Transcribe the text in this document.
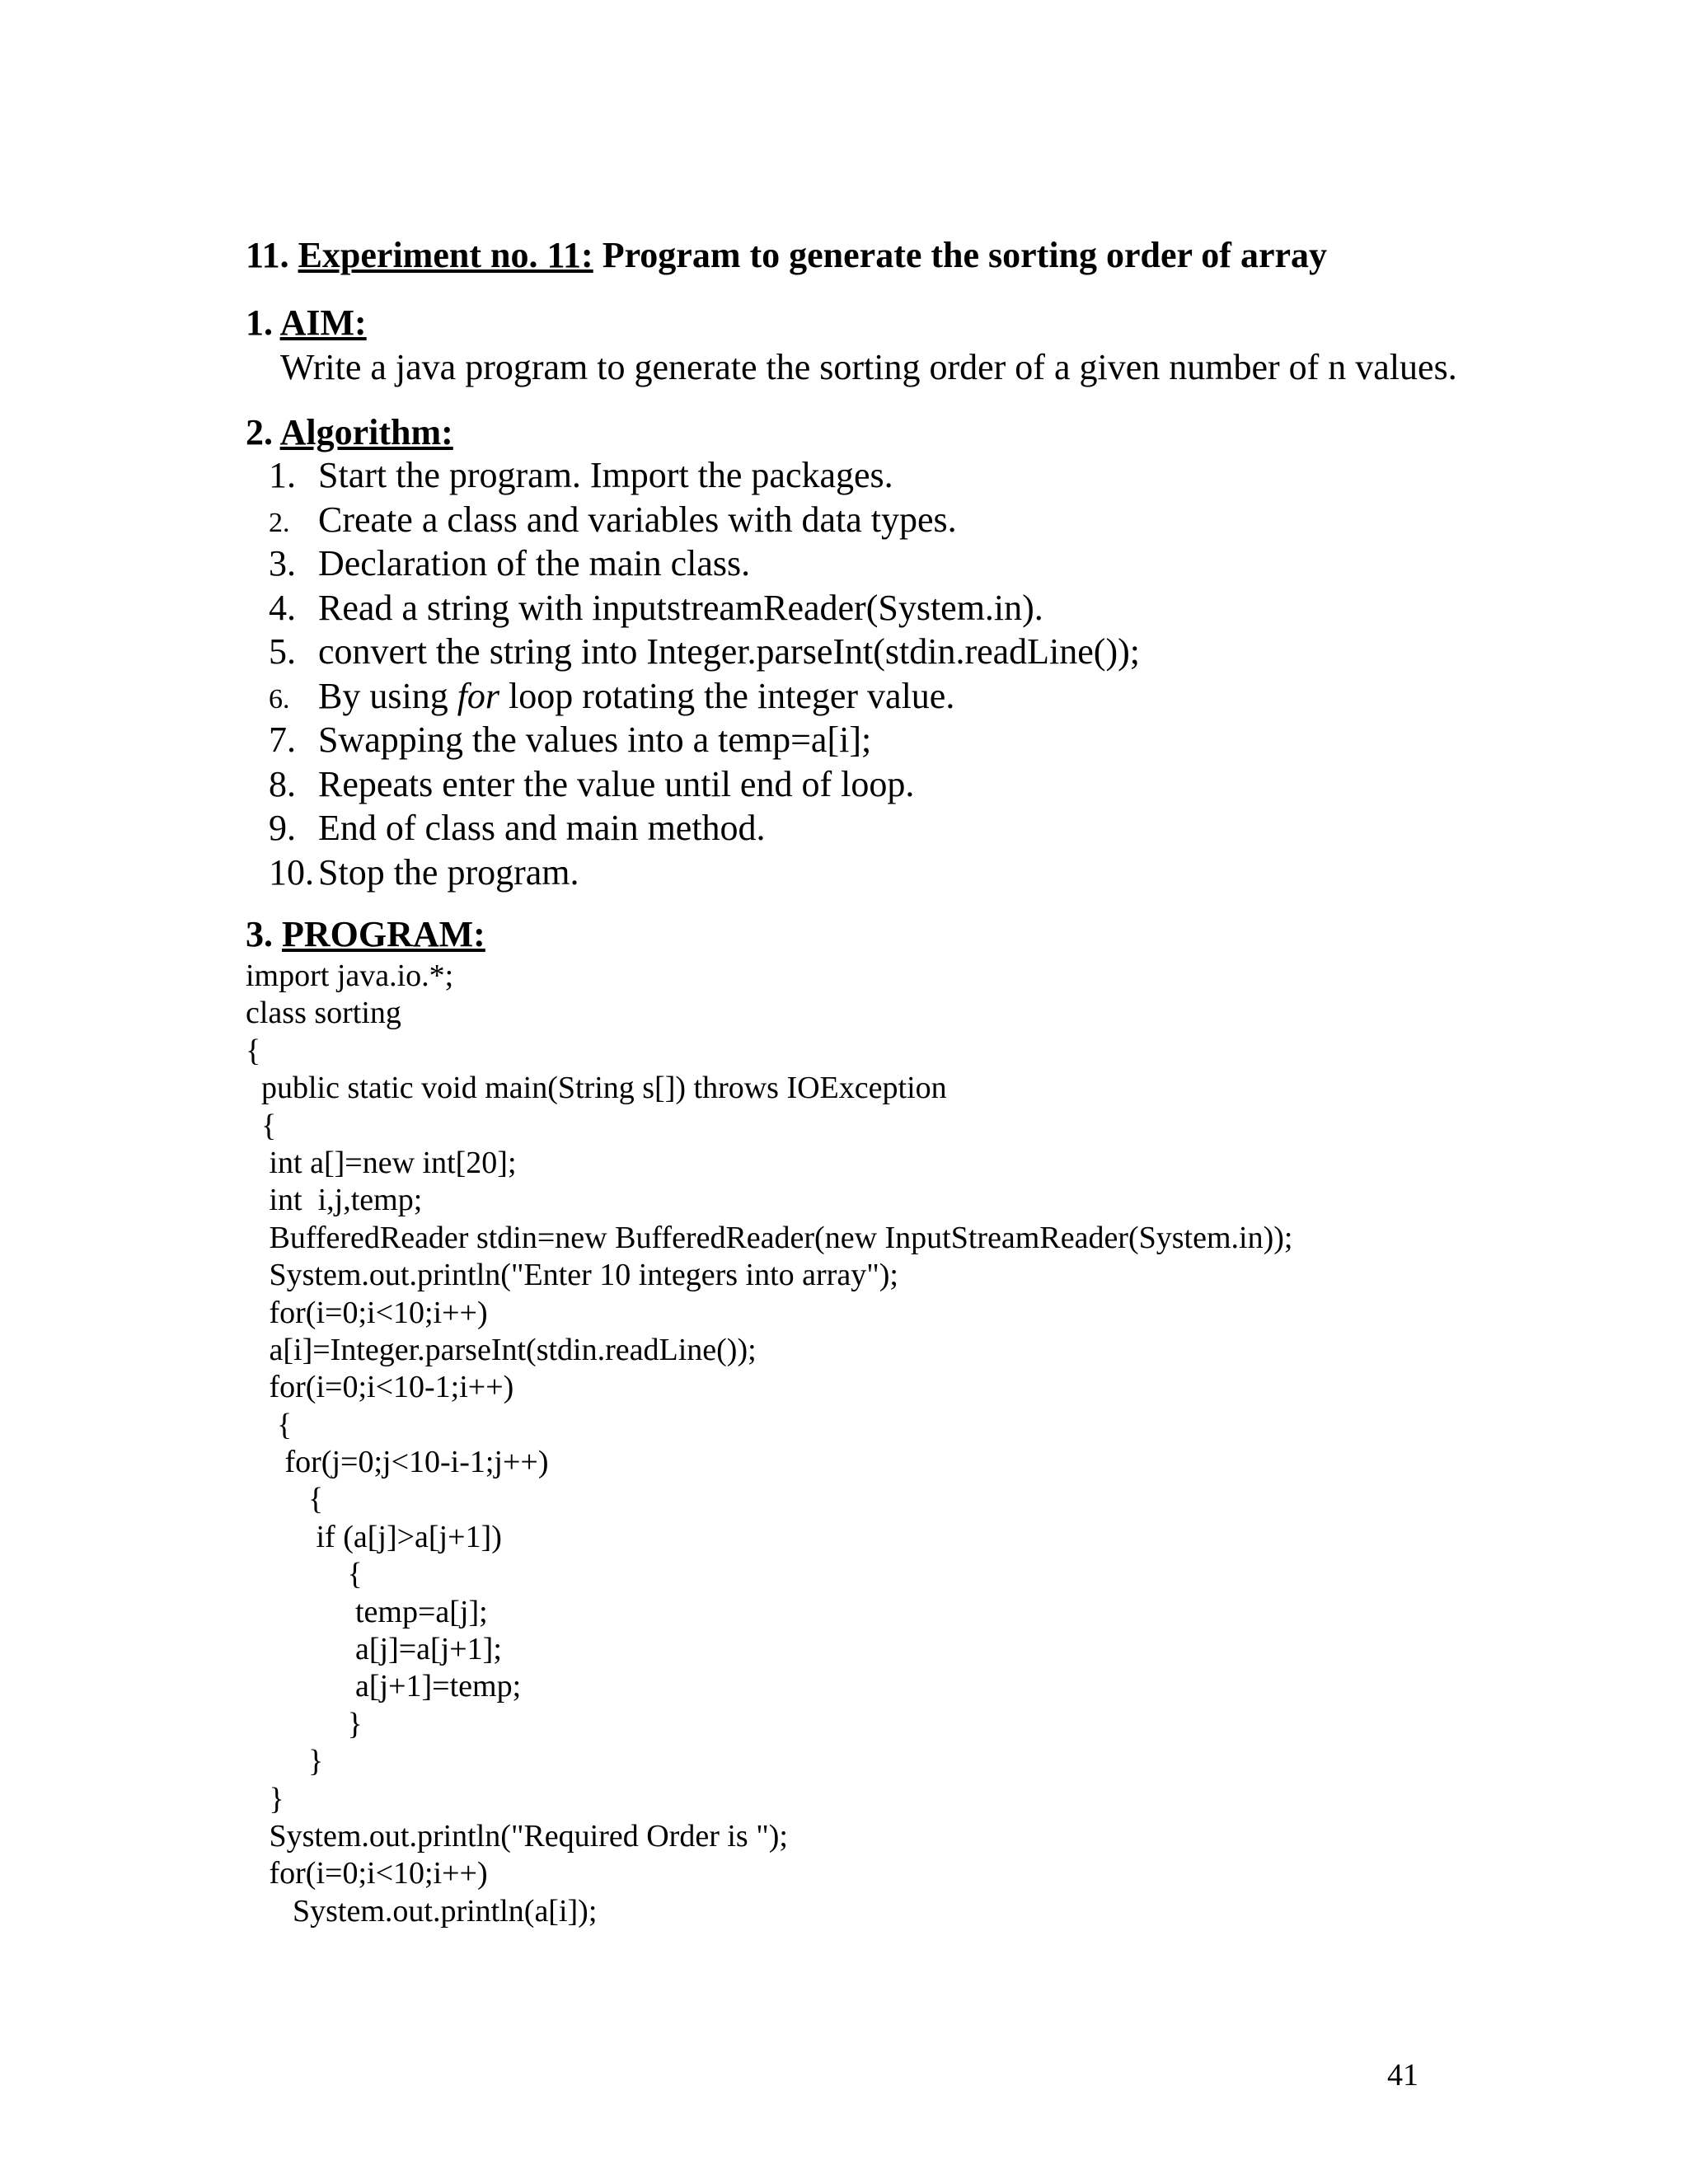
11. Experiment no. 11: Program to generate the sorting order of array
1. AIM:
Write a java program to generate the sorting order of a given number of n values.
2. Algorithm:
1. Start the program. Import the packages.
2. Create a class and variables with data types.
3. Declaration of the main class.
4. Read a string with inputstreamReader(System.in).
5. convert the string into Integer.parseInt(stdin.readLine());
6. By using for loop rotating the integer value.
7. Swapping the values into a temp=a[i];
8. Repeats enter the value until end of loop.
9. End of class and main method.
10. Stop the program.
3. PROGRAM:
import java.io.*;
class sorting
{
public static void main(String s[]) throws IOException
{
int a[]=new int[20];
int  i,j,temp;
BufferedReader stdin=new BufferedReader(new InputStreamReader(System.in));
System.out.println("Enter 10 integers into array");
for(i=0;i<10;i++)
a[i]=Integer.parseInt(stdin.readLine());
for(i=0;i<10-1;i++)
{
for(j=0;j<10-i-1;j++)
{
if (a[j]>a[j+1])
{
temp=a[j];
a[j]=a[j+1];
a[j+1]=temp;
}
}
}
System.out.println("Required Order is ");
for(i=0;i<10;i++)
System.out.println(a[i]);
41
